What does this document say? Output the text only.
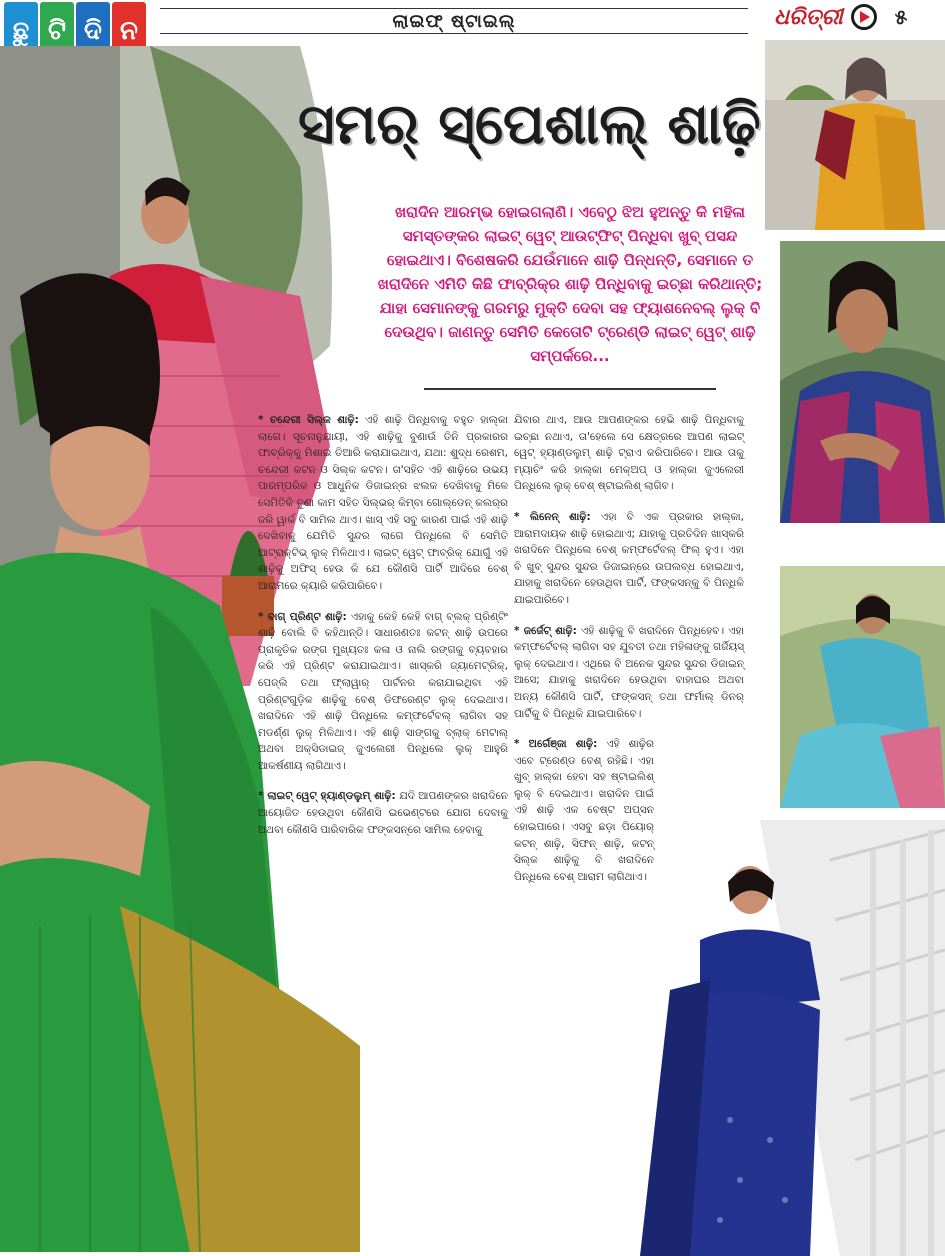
ଛୁ ଟି ଦି ନ	ଲାଇଫ୍ ଷ୍ଟାଇଲ୍	ଧରିତ୍ରୀ	୫
ସମର୍ ସ୍ପେଶାଲ୍ ଶାଢ଼ି

ଖରାଦିନ ଆରମ୍ଭ ହୋଇଗଲାଣି। ଏବେଠୁ ଝିଅ ହୁଅନ୍ତୁ କି ମହିଳା ସମସ୍ତଙ୍କର ଲାଇଟ୍ ୱେଟ୍ ଆଉଟ୍‌ଫିଟ୍ ପିନ୍ଧିବା ଖୁବ୍ ପସନ୍ଦ ହୋଇଥାଏ। ବିଶେଷକରି ଯେଉଁମାନେ ଶାଢ଼ି ପିନ୍ଧନ୍ତି, ସେମାନେ ତ ଖରାଦିନେ ଏମିତି କିଛି ଫାବ୍ରିକ୍‌ର ଶାଢ଼ି ପିନ୍ଧିବାକୁ ଇଚ୍ଛା କରିଥାନ୍ତି; ଯାହା ସେମାନଙ୍କୁ ଗରମରୁ ମୁକ୍ତି ଦେବା ସହ ଫ୍ୟାଶନେବଲ୍ ଲୁକ୍ ବି ଦେଉଥିବ। ଜାଣନ୍ତୁ ସେମିତି କେତୋଟି ଟ୍ରେଣ୍ଡି ଲାଇଟ୍ ୱେଟ୍ ଶାଢ଼ି ସମ୍ପର୍କରେ...

* ଚନ୍ଦେରୀ ସିଲ୍କ ଶାଢ଼ି: ଏହି ଶାଢ଼ି ପିନ୍ଧିବାକୁ ବହୁତ ହାଲ୍‌କା ଲାଗେ। ସୂଚନାନୁଯାୟୀ, ଏହି ଶାଢ଼ିକୁ ବୁଣାଉଁ ତିନି ପ୍ରକାରର ଫାବ୍ରିକ୍‌କୁ ମିଶାଇ ତିଆରି କରାଯାଇଥାଏ, ଯଥା: ଶୁଦ୍ଧ ରେଶମ, ଚନ୍ଦେରୀ କଟନ ଓ ସିଲ୍କ କଟନ। ତା'ସହିତ ଏହି ଶାଢ଼ିରେ ଉଭୟ ପାରମ୍ପରିକ ଓ ଆଧୁନିକ ଡିଜାଇନ୍‌ର ଝଲକ ଦେଖିବାକୁ ମିଳେ ସେମିତିକି ବୁଣା କାମ ସହିତ ସିଲ୍‌ଭର୍ କିମ୍ବା ଗୋଲ୍ଡେନ୍ କଲର୍‌ର ଜରି ୱାର୍କ ବି ସାମିଲ ଥାଏ। ଖାସ୍ ଏହି ସବୁ କାରଣ ପାଇଁ ଏହି ଶାଢ଼ି ଦେଖିବାକୁ ଯେମିତି ସୁନ୍ଦର ଲାଗେ ପିନ୍ଧିଲେ ବି ସେମିତି ଆଟ୍ରାକ୍ଟିଭ୍ ଲୁକ୍ ମିଳିଥାଏ। ଲାଇଟ୍ ୱେଟ୍ ଫାବ୍ରିକ୍ ଯୋଗୁଁ ଏହି ଶାଢ଼ିକୁ ଅଫିସ୍ ହେଉ କି ଯେ କୌଣସି ପାର୍ଟି ଆଦିରେ ବେଶ୍ ଆରାମରେ କ୍ୟାରି କରିପାରିବେ।

* ବାଗ୍ ପ୍ରିଣ୍ଟ ଶାଢ଼ି: ଏହାକୁ କେହି କେହି ବାଗ୍ ବ୍ଲକ୍ ପ୍ରିଣ୍ଟିଂ ଶାଢ଼ି ବୋଲି ବି କହିଥାନ୍ତି। ସାଧାରଣତଃ କଟନ୍ ଶାଢ଼ି ଉପରେ ପ୍ରାକୃତିକ ରଙ୍ଗ ମୁଖ୍ୟତଃ କଳା ଓ ନାଲି ରଙ୍ଗକୁ ବ୍ୟବହାର କରି ଏହି ପ୍ରିଣ୍ଟ କରାଯାଇଥାଏ। ଖାସ୍‌କରି ଜ୍ୟାମେଟ୍ରିକ୍, ପେଜ୍‌ଲି ତଥା ଫ୍ଲାୱାର୍ ପାର୍ଟନର କରାଯାଇଥିବା ଏହି ପ୍ରିଣ୍ଟଗୁଡ଼ିକ ଶାଢ଼ିକୁ ବେଶ୍ ଡିଫରେଣ୍ଟ ଲୁକ୍ ଦେଇଥାଏ। ଖରାଦିନେ ଏହି ଶାଢ଼ି ପିନ୍ଧିଲେ କମ୍ଫର୍ଟେବଲ୍ ଲାଗିବା ସହ ମଡର୍ଣ୍ଣ ଲୁକ୍ ମିଳିଥାଏ। ଏହି ଶାଢ଼ି ସାଙ୍ଗକୁ ବ୍ଲାକ୍ ମେଟାଲ୍ ଅଥବା ଅକ୍ସିଡାଇଜ୍ ଜୁଏଲେରୀ ପିନ୍ଧିଲେ ଲୁକ୍ ଆହୁରି ଆକର୍ଷଣୀୟ ଲାଗିଥାଏ।

* ଲାଇଟ୍ ୱେଟ୍ ହ୍ୟାଣ୍ଡଲୁମ୍ ଶାଢ଼ି: ଯଦି ଆପଣଙ୍କର ଖରାଦିନେ ଆୟୋଜିତ ହେଉଥିବା କୌଣସି ଇଭେଣ୍ଟରେ ଯୋଗ ଦେବାକୁ ଅଥବା କୌଣସି ପାରିବାରିକ ଫଙ୍କସନ୍‌ରେ ସାମିଲ ହେବାକୁ

ଯିବାର ଥାଏ, ଆଉ ଆପଣଙ୍କର ହେଭି ଶାଢ଼ି ପିନ୍ଧିବାକୁ ଇଚ୍ଛା ନଥାଏ, ତା'ହେଲେ ସେ କ୍ଷେତ୍ରରେ ଆପଣ ଲାଇଟ୍ ୱେଟ୍ ହ୍ୟାଣ୍ଡଲୁମ୍ ଶାଢ଼ି ଟ୍ରାଏ କରିପାରିବେ। ଆଉ ତାକୁ ମ୍ୟାଚିଂ କରି ହାଲ୍‌କା ମେକ୍‌ଅପ୍ ଓ ହାଲ୍‌କା ଜୁଏଲେରୀ ପିନ୍ଧିଲେ ଲୁକ୍ ବେଶ୍ ଷ୍ଟାଇଲିଶ୍ ଲାଗିବ।

* ଲିନେନ୍ ଶାଢ଼ି: ଏହା ବି ଏକ ପ୍ରକାର ହାଲ୍‌କା, ଆରାମଦାୟକ ଶାଢ଼ି ହୋଇଥାଏ; ଯାହାକୁ ପ୍ରତିଦିନ ଖାସ୍‌କରି ଖରାଦିନେ ପିନ୍ଧିଲେ ବେଶ୍ କମ୍ଫର୍ଟେବଲ୍ ଫିଲ୍ ହୁଏ। ଏହା ବି ଖୁବ୍ ସୁନ୍ଦର ସୁନ୍ଦର ଡିଜାଇନ୍‌ରେ ଉପଲବ୍ଧ ହୋଇଥାଏ, ଯାହାକୁ ଖରାଦିନେ ହେଉଥିବା ପାର୍ଟି, ଫଙ୍କସନ୍‌କୁ ବି ପିନ୍ଧିକି ଯାଇପାରିବେ।

* ଜର୍ଜେଟ୍ ଶାଢ଼ି: ଏହି ଶାଢ଼ିକୁ ବି ଖରାଦିନେ ପିନ୍ଧିହେବ। ଏହା କମ୍ଫର୍ଟେବଲ୍ ଲାଗିବା ସହ ଯୁବତୀ ତଥା ମହିଳାଙ୍କୁ ଗର୍ଜିୟସ୍ ଲୁକ୍ ଦେଇଥାଏ। ଏଥିରେ ବି ଅନେକ ସୁନ୍ଦର ସୁନ୍ଦର ଡିଜାଇନ୍ ଆସେ; ଯାହାକୁ ଖରାଦିନେ ହେଉଥିବା ବାହାଘର ଅଥବା ଅନ୍ୟ କୌଣସି ପାର୍ଟି, ଫଙ୍କସନ୍ ତଥା ଫର୍ମାଲ୍ ଡିନର୍ ପାର୍ଟିକୁ ବି ପିନ୍ଧିକି ଯାଇପାରିବେ।

* ଅର୍ଗେଞ୍ଜା ଶାଢ଼ି: ଏହି ଶାଢ଼ିର ଏବେ ଟ୍ରେଣ୍ଡ ବେଶ୍ ରହିଛି। ଏହା ଖୁବ୍ ହାଲ୍‌କା ହେବା ସହ ଷ୍ଟାଇଲିଶ୍ ଲୁକ୍ ବି ଦେଇଥାଏ। ଖରାଦିନ ପାଇଁ ଏହି ଶାଢ଼ି ଏକ ବେଷ୍ଟ ଅପ୍ସନ ହୋଇପାରେ। ଏସବୁ ଛଡ଼ା ପିୟୋର୍ କଟନ୍ ଶାଢ଼ି, ସିଫନ୍ ଶାଢ଼ି, କଟନ୍ ସିଲ୍କ ଶାଢ଼ିକୁ ବି ଖରାଦିନେ ପିନ୍ଧିଲେ ବେଶ୍ ଆରାମ ଲାଗିଥାଏ।
